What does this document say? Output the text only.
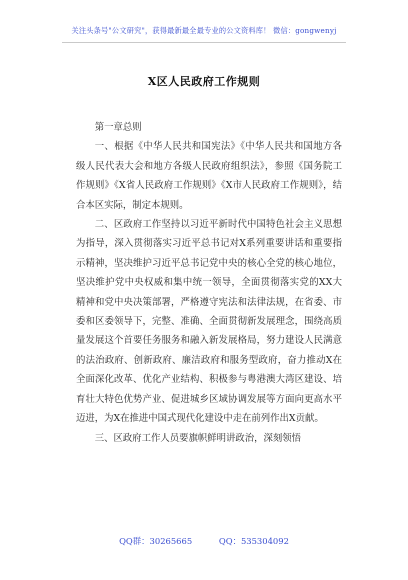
关注头条号"公文研究"，获得最新最全最专业的公文资料库！ 微信：gongwenyj
X区人民政府工作规则

第一章总则

一、根据《中华人民共和国宪法》《中华人民共和国地方各级人民代表大会和地方各级人民政府组织法》，参照《国务院工作规则》《X省人民政府工作规则》《X市人民政府工作规则》，结合本区实际，制定本规则。

二、区政府工作坚持以习近平新时代中国特色社会主义思想为指导，深入贯彻落实习近平总书记对X系列重要讲话和重要指示精神，坚决维护习近平总书记党中央的核心全党的核心地位，坚决维护党中央权威和集中统一领导，全面贯彻落实党的XX大精神和党中央决策部署，严格遵守宪法和法律法规，在省委、市委和区委领导下，完整、准确、全面贯彻新发展理念，围绕高质量发展这个首要任务服务和融入新发展格局，努力建设人民满意的法治政府、创新政府、廉洁政府和服务型政府，奋力推动X在全面深化改革、优化产业结构、积极参与粤港澳大湾区建设、培育壮大特色优势产业、促进城乡区域协调发展等方面向更高水平迈进，为X在推进中国式现代化建设中走在前列作出X贡献。

三、区政府工作人员要旗帜鲜明讲政治，深刻领悟

QQ群：30265665	QQ：535304092
